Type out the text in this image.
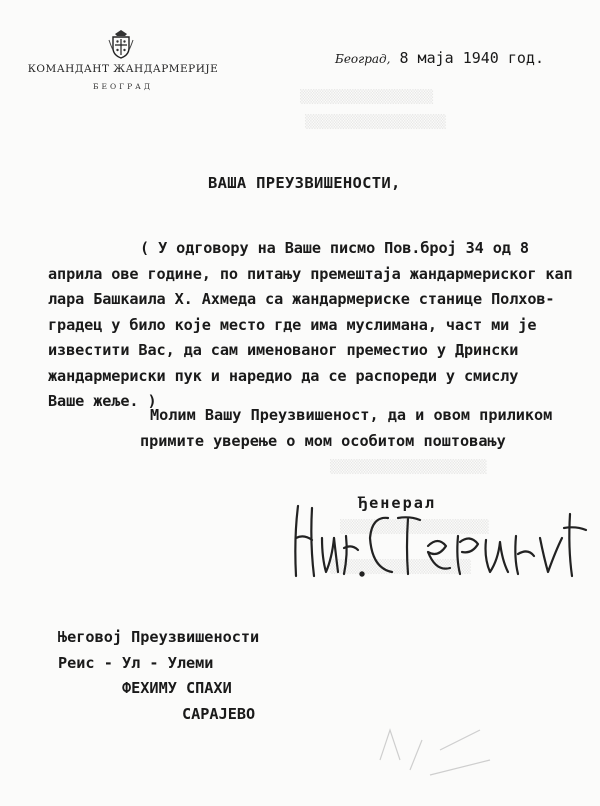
▒▒▒▒▒▒▒▒▒▒▒▒▒▒▒▒▒
▒▒▒▒▒▒▒▒▒▒▒▒▒▒▒▒▒▒
▒▒▒▒▒▒▒▒▒▒▒▒▒▒▒▒▒▒▒▒
▒▒▒▒▒▒▒▒▒▒▒▒▒▒▒▒▒▒▒
▒▒▒▒▒▒▒▒▒▒▒▒▒▒▒▒▒▒
КОМАНДАНТ ЖАНДАРМЕРИЈЕ
БЕОГРАД
Београд, 8 маја 1940 год.
ВАША ПРЕУЗВИШЕНОСТИ,
( У одговору на Ваше писмо Пов.број 34 од 8
априла ове године, по питању премештаја жандармериског кап
лара Башкаила Х. Ахмеда са жандармериске станице Полхов-
градец у било које место где има муслимана, част ми је
известити Вас, да сам именованог преместио у Дрински
жандармериски пук и наредио да се распореди у смислу
Ваше жеље. )
Молим Вашу Преузвишеност, да и овом приликом
примите уверење о мом особитом поштовању
Ђенерал
Његовој Преузвишености
Реис - Ул - Улеми
ФЕХИМУ СПАХИ
САРАЈЕВО
